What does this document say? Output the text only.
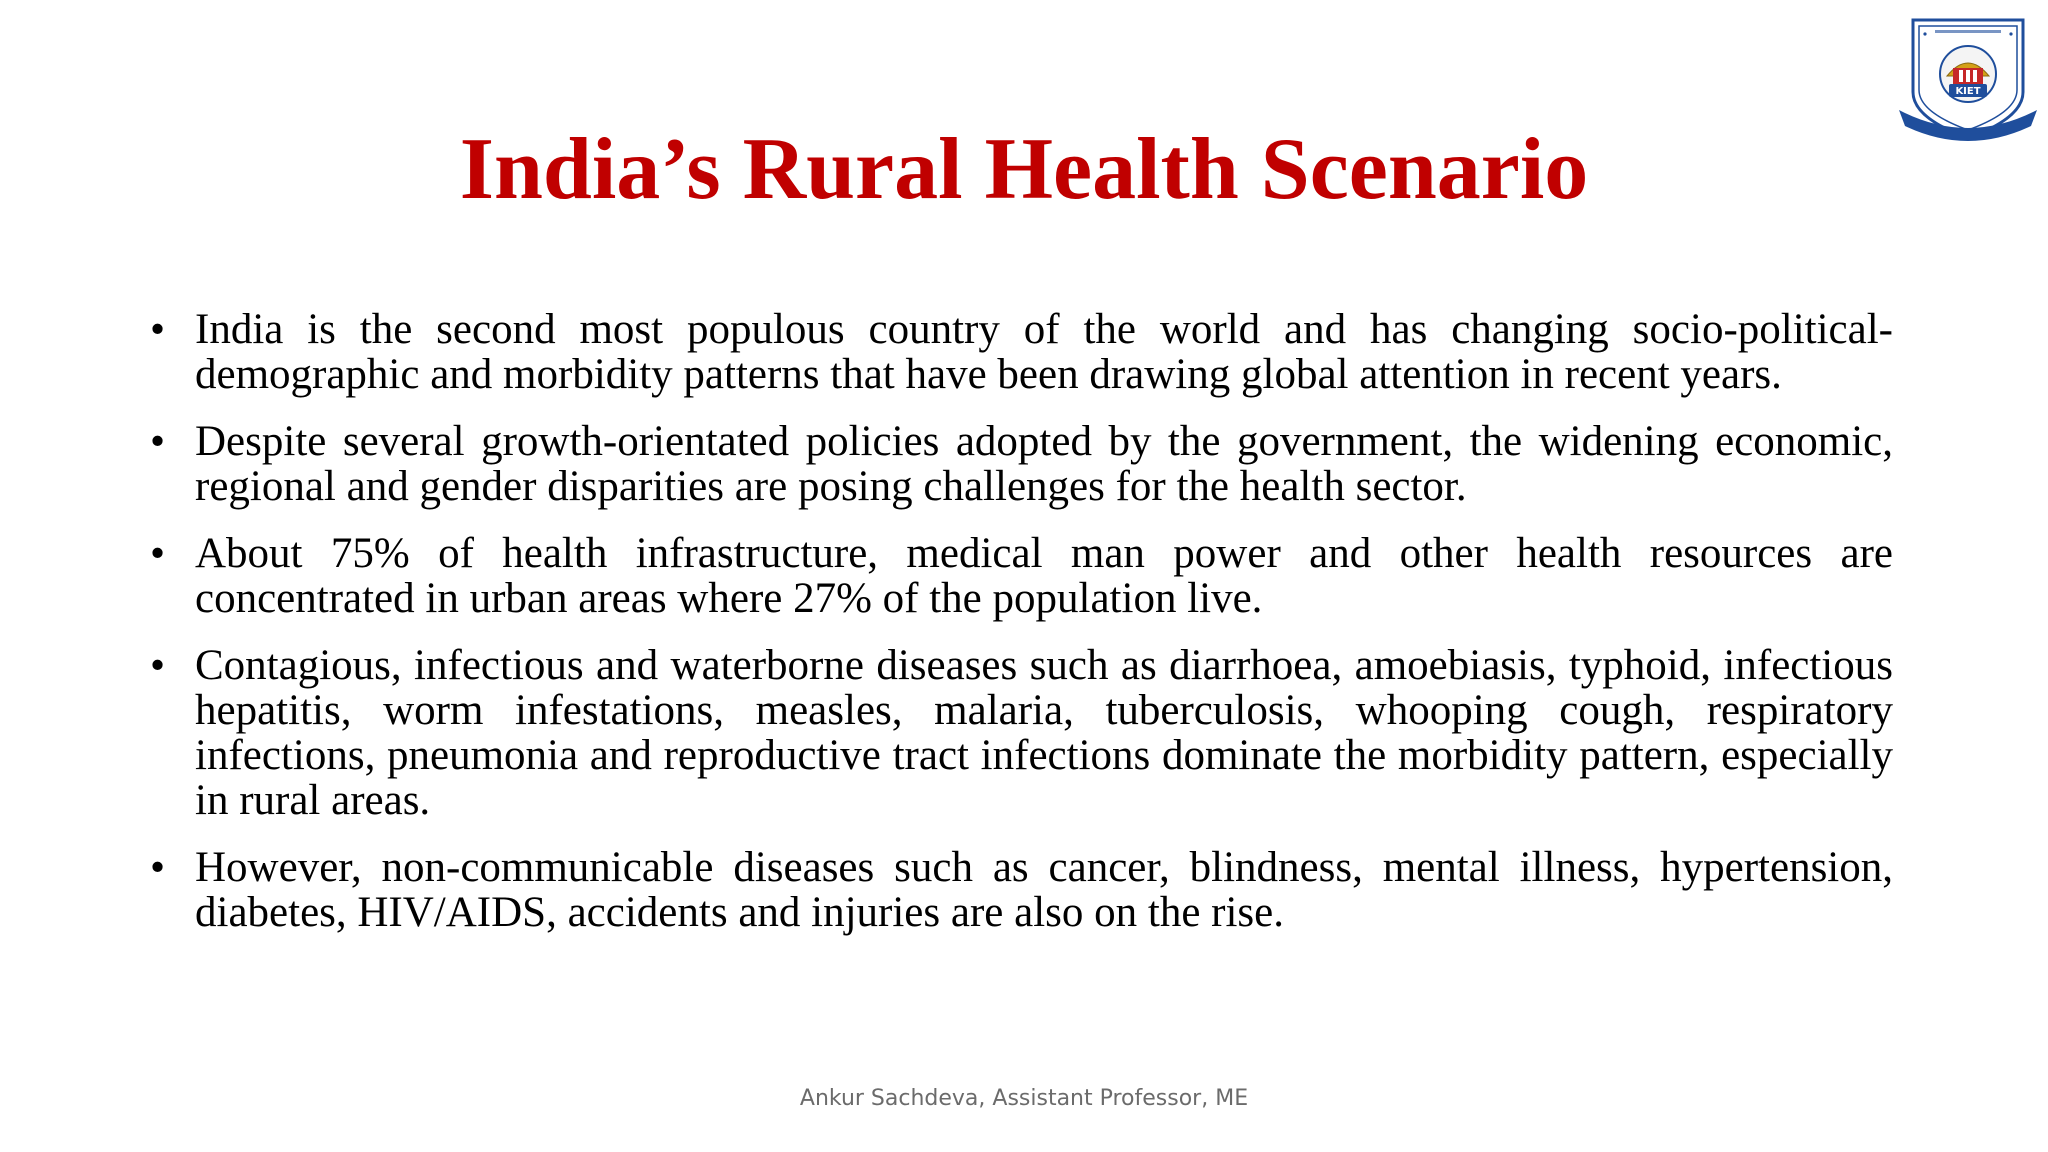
KIET
India’s Rural Health Scenario
• India is the second most populous country of the world and has changing socio-political-demographic and morbidity patterns that have been drawing global attention in recent years.
• Despite several growth-orientated policies adopted by the government, the widening economic, regional and gender disparities are posing challenges for the health sector.
• About 75% of health infrastructure, medical man power and other health resources are concentrated in urban areas where 27% of the population live.
• Contagious, infectious and waterborne diseases such as diarrhoea, amoebiasis, typhoid, infectious hepatitis, worm infestations, measles, malaria, tuberculosis, whooping cough, respiratory infections, pneumonia and reproductive tract infections dominate the morbidity pattern, especially in rural areas.
• However, non-communicable diseases such as cancer, blindness, mental illness, hypertension, diabetes, HIV/AIDS, accidents and injuries are also on the rise.
Ankur Sachdeva, Assistant Professor, ME
